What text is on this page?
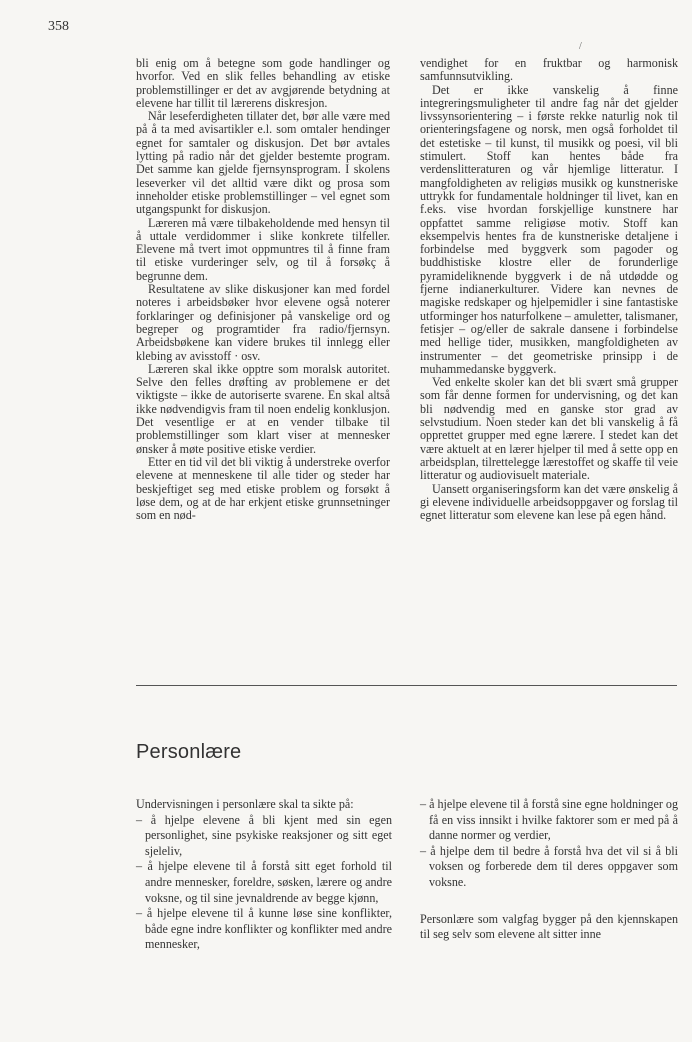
358
/

bli enig om å betegne som gode handlinger og hvorfor. Ved en slik felles behandling av etiske problemstillinger er det av avgjørende betydning at elevene har tillit til lærerens diskresjon.

Når leseferdigheten tillater det, bør alle være med på å ta med avisartikler e.l. som omtaler hendinger egnet for samtaler og diskusjon. Det bør avtales lytting på radio når det gjelder bestemte program. Det samme kan gjelde fjernsynsprogram. I skolens leseverker vil det alltid være dikt og prosa som inneholder etiske problemstillinger – vel egnet som utgangspunkt for diskusjon.

Læreren må være tilbakeholdende med hensyn til å uttale verdidommer i slike konkrete tilfeller. Elevene må tvert imot oppmuntres til å finne fram til etiske vurderinger selv, og til å forsøkç å begrunne dem.

Resultatene av slike diskusjoner kan med fordel noteres i arbeidsbøker hvor elevene også noterer forklaringer og definisjoner på vanskelige ord og begreper og programtider fra radio/fjernsyn. Arbeidsbøkene kan videre brukes til innlegg eller klebing av avisstoff · osv.

Læreren skal ikke opptre som moralsk autoritet. Selve den felles drøfting av problemene er det viktigste – ikke de autoriserte svarene. En skal altså ikke nødvendigvis fram til noen endelig konklusjon. Det vesentlige er at en vender tilbake til problemstillinger som klart viser at mennesker ønsker å møte positive etiske verdier.

Etter en tid vil det bli viktig å understreke overfor elevene at menneskene til alle tider og steder har beskjeftiget seg med etiske problem og forsøkt å løse dem, og at de har erkjent etiske grunnsetninger som en nød-

vendighet for en fruktbar og harmonisk samfunnsutvikling.

Det er ikke vanskelig å finne integreringsmuligheter til andre fag når det gjelder livssynsorientering – i første rekke naturlig nok til orienteringsfagene og norsk, men også forholdet til det estetiske – til kunst, til musikk og poesi, vil bli stimulert. Stoff kan hentes både fra verdenslitteraturen og vår hjemlige litteratur. I mangfoldigheten av religiøs musikk og kunstneriske uttrykk for fundamentale holdninger til livet, kan en f.eks. vise hvordan forskjellige kunstnere har oppfattet samme religiøse motiv. Stoff kan eksempelvis hentes fra de kunstneriske detaljene i forbindelse med byggverk som pagoder og buddhistiske klostre eller de forunderlige pyramideliknende byggverk i de nå utdødde og fjerne indianerkulturer. Videre kan nevnes de magiske redskaper og hjelpemidler i sine fantastiske utforminger hos naturfolkene – amuletter, talismaner, fetisjer – og/eller de sakrale dansene i forbindelse med hellige tider, musikken, mangfoldigheten av instrumenter – det geometriske prinsipp i de muhammedanske byggverk.

Ved enkelte skoler kan det bli svært små grupper som får denne formen for undervisning, og det kan bli nødvendig med en ganske stor grad av selvstudium. Noen steder kan det bli vanskelig å få opprettet grupper med egne lærere. I stedet kan det være aktuelt at en lærer hjelper til med å sette opp en arbeidsplan, tilrettelegge lærestoffet og skaffe til veie litteratur og audiovisuelt materiale.

Uansett organiseringsform kan det være ønskelig å gi elevene individuelle arbeidsoppgaver og forslag til egnet litteratur som elevene kan lese på egen hånd.

Personlære

Undervisningen i personlære skal ta sikte på:

– å hjelpe elevene å bli kjent med sin egen personlighet, sine psykiske reaksjoner og sitt eget sjeleliv,
– å hjelpe elevene til å forstå sitt eget forhold til andre mennesker, foreldre, søsken, lærere og andre voksne, og til sine jevnaldrende av begge kjønn,
– å hjelpe elevene til å kunne løse sine konflikter, både egne indre konflikter og konflikter med andre mennesker,
– å hjelpe elevene til å forstå sine egne holdninger og få en viss innsikt i hvilke faktorer som er med på å danne normer og verdier,
– å hjelpe dem til bedre å forstå hva det vil si å bli voksen og forberede dem til deres oppgaver som voksne.

Personlære som valgfag bygger på den kjennskapen til seg selv som elevene alt sitter inne
